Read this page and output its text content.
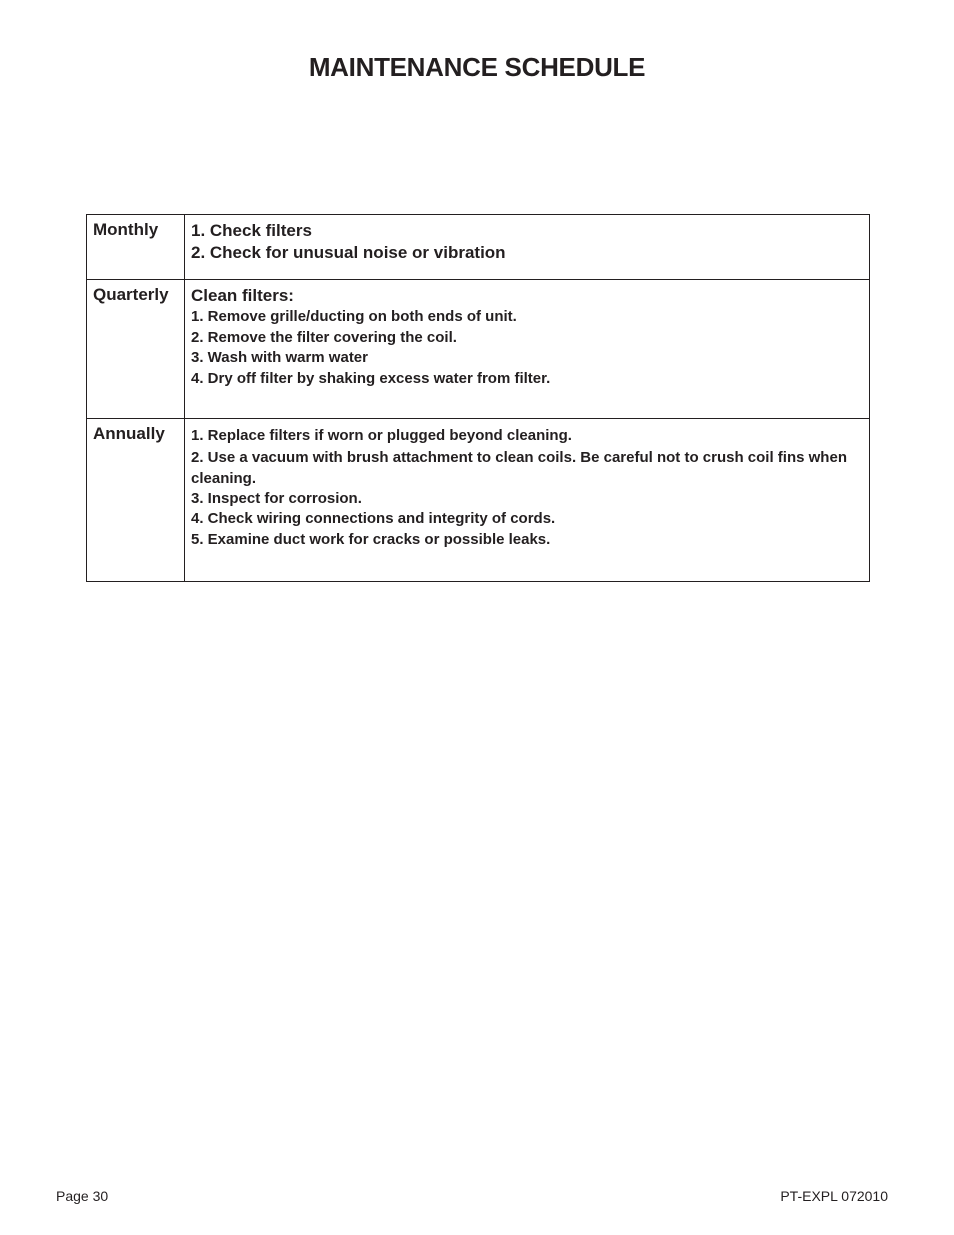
MAINTENANCE SCHEDULE
Monthly	1. Check filters
2. Check for unusual noise or vibration

Quarterly	Clean filters:
1. Remove grille/ducting on both ends of unit.
2. Remove the filter covering the coil.
3. Wash with warm water
4. Dry off filter by shaking excess water from filter.

Annually	1. Replace filters if worn or plugged beyond cleaning.
2. Use a vacuum with brush attachment to clean coils. Be careful not to crush coil fins when cleaning.
3. Inspect for corrosion.
4. Check wiring connections and integrity of cords.
5. Examine duct work for cracks or possible leaks.
Page 30	PT-EXPL 072010
